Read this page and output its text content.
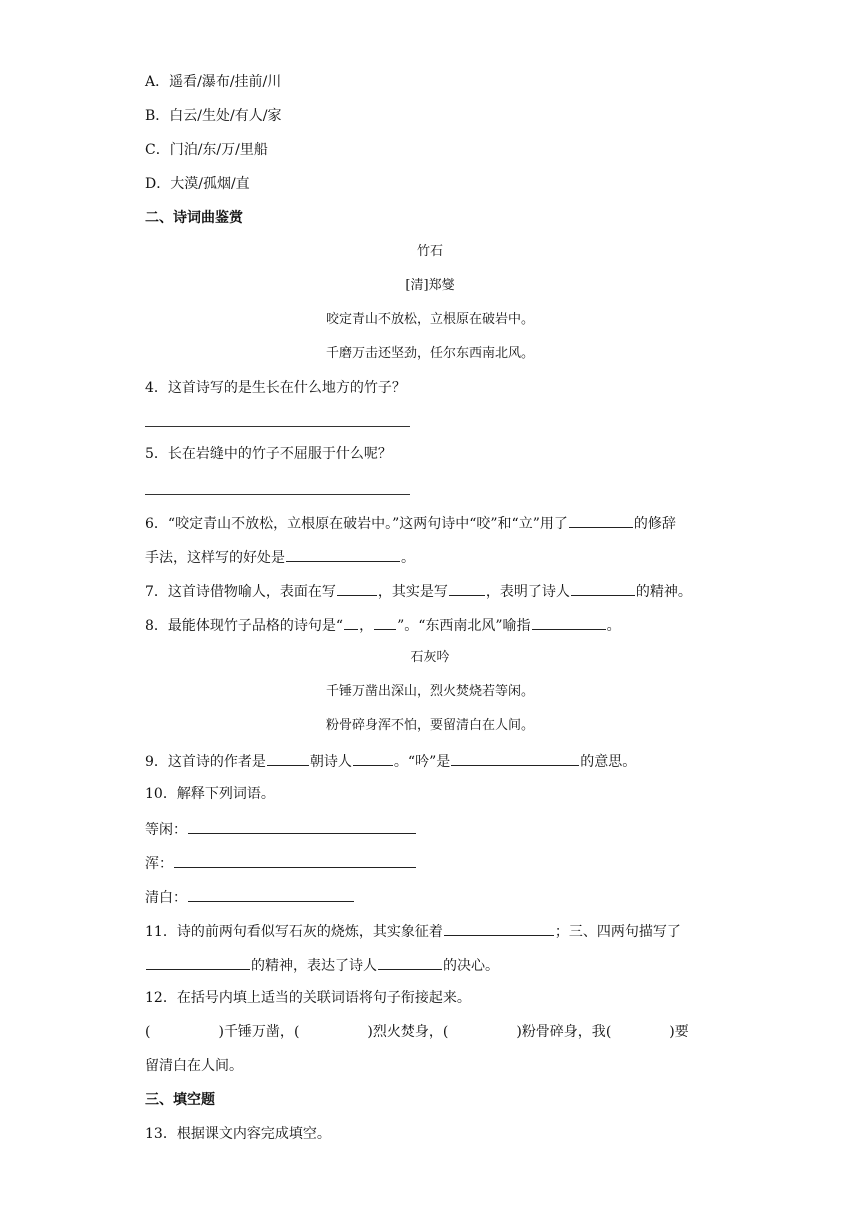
A．遥看/瀑布/挂前/川
B．白云/生处/有人/家
C．门泊/东/万/里船
D．大漠/孤烟/直
二、诗词曲鉴赏
竹石
[清]郑燮
咬定青山不放松，立根原在破岩中。
千磨万击还坚劲，任尔东西南北风。
4．这首诗写的是生长在什么地方的竹子？
5．长在岩缝中的竹子不屈服于什么呢？
6．“咬定青山不放松，立根原在破岩中。”这两句诗中“咬”和“立”用了	的修辞
手法，这样写的好处是	。
7．这首诗借物喻人，表面在写	，其实是写	，表明了诗人	的精神。
8．最能体现竹子品格的诗句是“ ， ”。“东西南北风”喻指	。
石灰吟
千锤万凿出深山，烈火焚烧若等闲。
粉骨碎身浑不怕，要留清白在人间。
9．这首诗的作者是	朝诗人	。“吟”是	的意思。
10．解释下列词语。
等闲：
浑：
清白：
11．诗的前两句看似写石灰的烧炼，其实象征着	；三、四两句描写了
的精神，表达了诗人	的决心。
12．在括号内填上适当的关联词语将句子衔接起来。
(	)千锤万凿，(	)烈火焚身，(	)粉骨碎身，我(	)要
留清白在人间。
三、填空题
13．根据课文内容完成填空。
